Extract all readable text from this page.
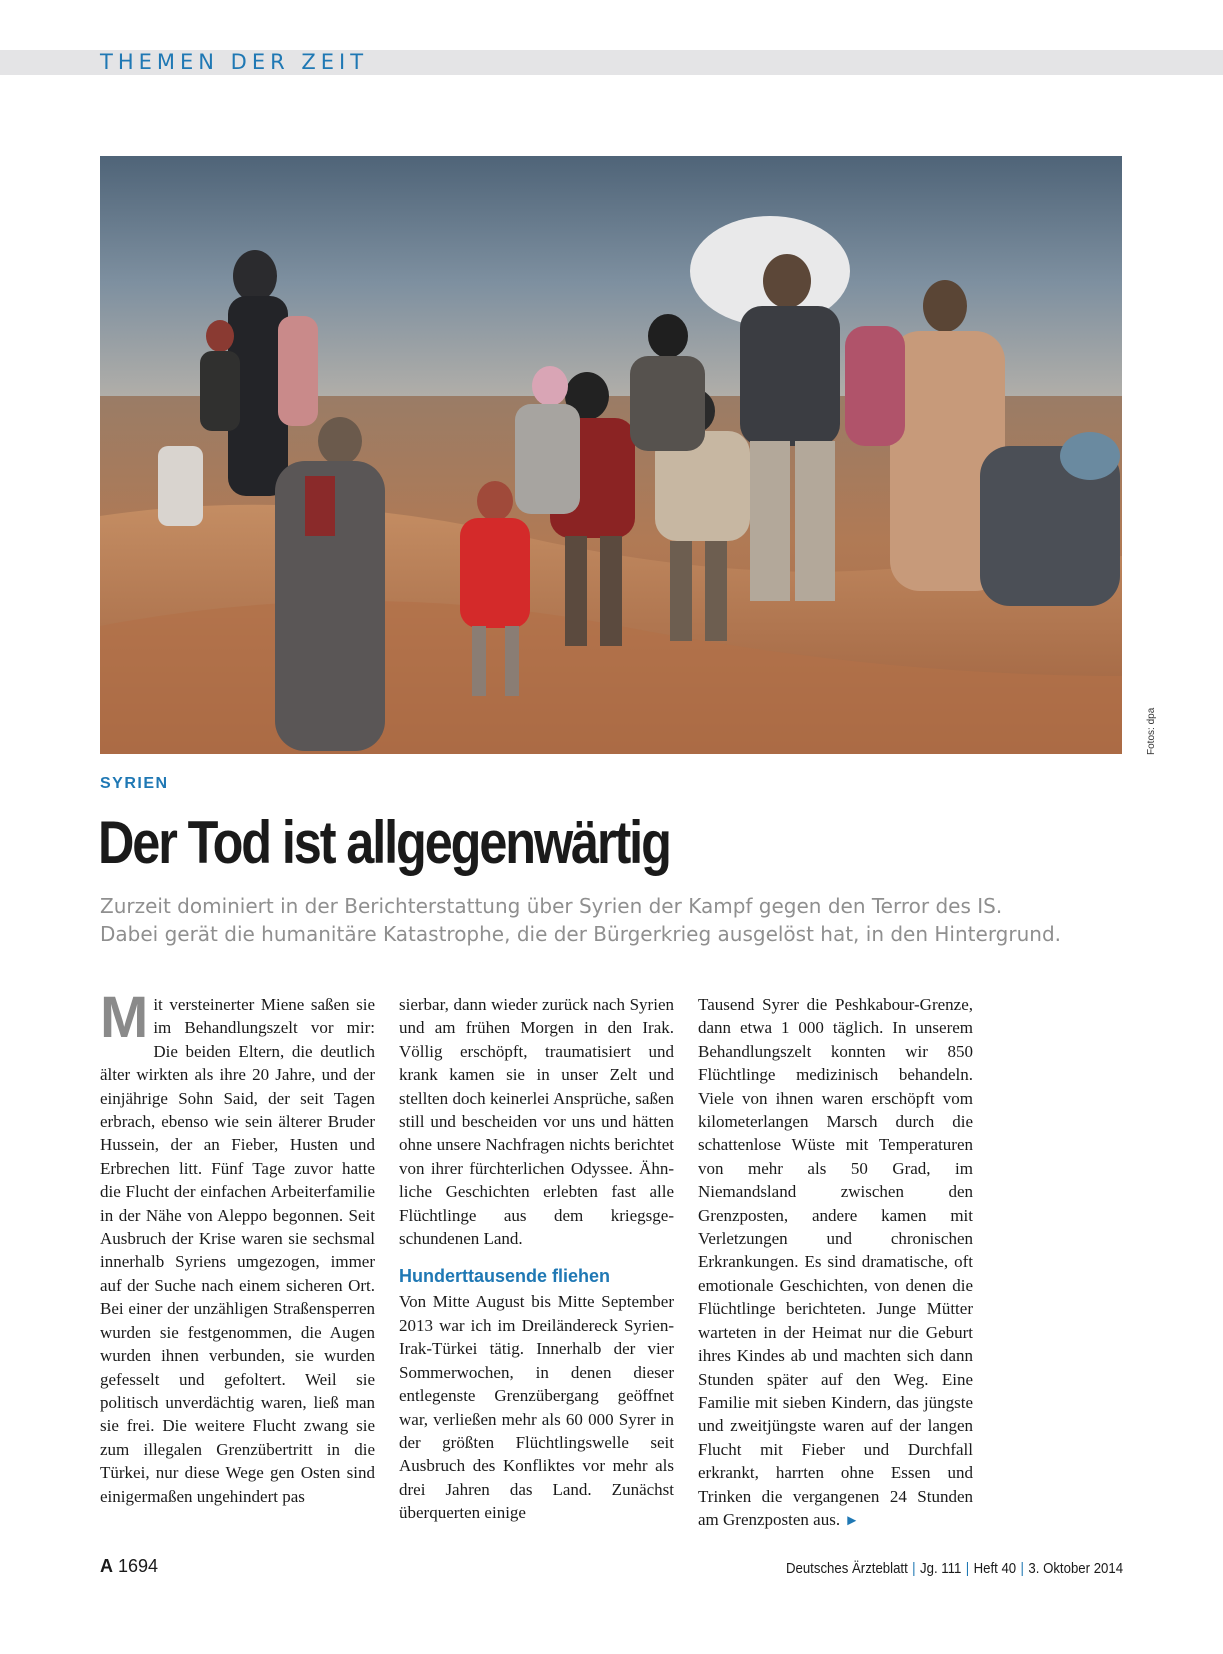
THEMEN DER ZEIT
Fotos: dpa
SYRIEN
Der Tod ist allgegenwärtig

Zurzeit dominiert in der Berichterstattung über Syrien der Kampf gegen den Terror des IS.

Dabei gerät die humanitäre Katastrophe, die der Bürgerkrieg ausgelöst hat, in den Hintergrund.

M it versteinerter Miene saßen sie im Behandlungszelt vor mir: Die beiden Eltern, die deutlich älter wirkten als ihre 20 Jahre, und der einjährige Sohn Said, der seit Tagen erbrach, ebenso wie sein älterer Bruder Hussein, der an Fieber, Husten und Erbrechen litt. Fünf Tage zuvor hatte die Flucht der einfachen Arbeiterfamilie in der Nähe von Aleppo begonnen. Seit Ausbruch der Krise waren sie sechsmal innerhalb Syriens umgezogen, immer auf der Suche nach einem sicheren Ort. Bei einer der unzähligen Straßensperren wurden sie festgenommen, die Augen wurden ihnen verbunden, sie wurden gefesselt und gefoltert. Weil sie politisch unverdächtig waren, ließ man sie frei. Die weitere Flucht zwang sie zum illegalen Grenzübertritt in die Türkei, nur diese Wege gen Osten sind einigermaßen ungehindert pas

sierbar, dann wieder zurück nach Syrien und am frühen Morgen in den Irak. Völlig erschöpft, traumatisiert und krank kamen sie in unser Zelt und stellten doch keinerlei Ansprüche, saßen still und bescheiden vor uns und hätten ohne unsere Nachfragen nichts berichtet von ihrer fürchterlichen Odyssee. Ähnliche Geschichten erlebten fast alle Flüchtlinge aus dem kriegsgeschundenen Land.

Hunderttausende fliehen

Von Mitte August bis Mitte September 2013 war ich im Dreiländereck Syrien-Irak-Türkei tätig. Innerhalb der vier Sommerwochen, in denen dieser entlegenste Grenzübergang geöffnet war, verließen mehr als 60 000 Syrer in der größten Flüchtlingswelle seit Ausbruch des Konfliktes vor mehr als drei Jahren das Land. Zunächst überquerten einige

Tausend Syrer die Peshkabour-Grenze, dann etwa 1 000 täglich. In unserem Behandlungszelt konnten wir 850 Flüchtlinge medizinisch behandeln. Viele von ihnen waren erschöpft vom kilometerlangen Marsch durch die schattenlose Wüste mit Temperaturen von mehr als 50 Grad, im Niemandsland zwischen den Grenzposten, andere kamen mit Verletzungen und chronischen Erkrankungen. Es sind dramatische, oft emotionale Geschichten, von denen die Flüchtlinge berichteten. Junge Mütter warteten in der Heimat nur die Geburt ihres Kindes ab und machten sich dann Stunden später auf den Weg. Eine Familie mit sieben Kindern, das jüngste und zweitjüngste waren auf der langen Flucht mit Fieber und Durchfall erkrankt, harrten ohne Essen und Trinken die vergangenen 24 Stunden am Grenzposten aus. ►

A 1694	Deutsches Ärzteblatt | Jg. 111 | Heft 40 | 3. Oktober 2014
